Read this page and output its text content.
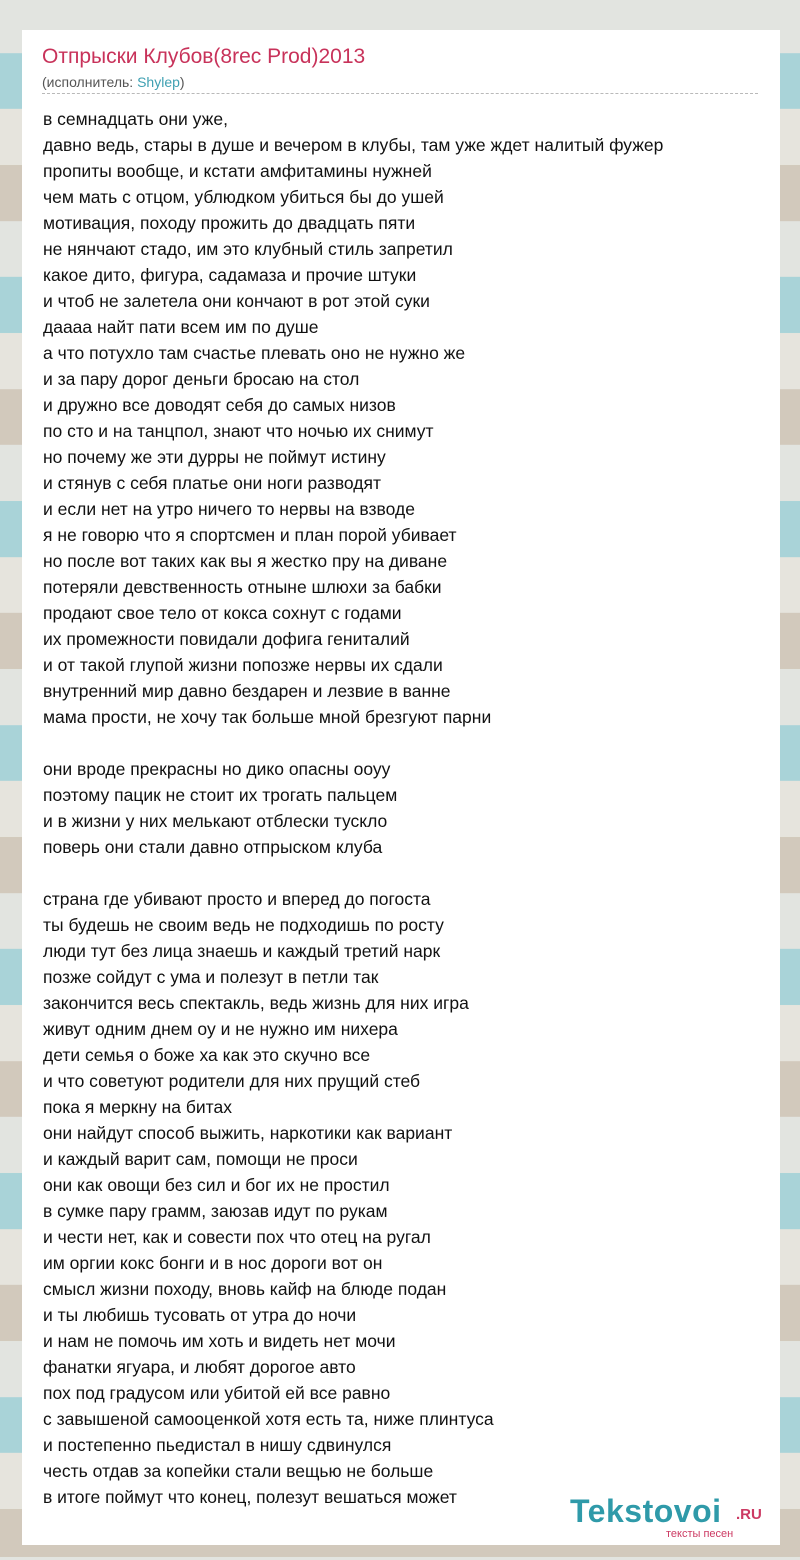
Отпрыски Клубов(8rec Prod)2013
(исполнитель: Shylep)
в семнадцать они уже,
давно ведь, стары в душе и вечером в клубы, там уже ждет налитый фужер
пропиты вообще, и кстати амфитамины нужней
чем мать с отцом, ублюдком убиться бы до ушей
мотивация, походу прожить до двадцать пяти
не нянчают стадо, им это клубный стиль запретил
какое дито, фигура, садамаза и прочие штуки
и чтоб не залетела они кончают в рот этой суки
даааа найт пати всем им по душе
а что потухло там счастье плевать оно не нужно же
и за пару дорог деньги бросаю на стол
и дружно все доводят себя до самых низов
по сто и на танцпол, знают что ночью их снимут
но почему же эти дурры не поймут истину
и стянув с себя платье они ноги разводят
и если нет на утро ничего то нервы на взводе
я не говорю что я спортсмен и план порой убивает
но после вот таких как вы я жестко пру на диване
потеряли девственность отныне шлюхи за бабки
продают свое тело от кокса сохнут с годами
их промежности повидали дофига гениталий
и от такой глупой жизни попозже нервы их сдали
внутренний мир давно бездарен и лезвие в ванне
мама прости, не хочу так больше мной брезгуют парни
они вроде прекрасны но дико опасны ооуу
поэтому пацик не стоит их трогать пальцем
и в жизни у них мелькают отблески тускло
поверь они стали давно отпрыском клуба
страна где убивают просто и вперед до погоста
ты будешь не своим ведь не подходишь по росту
люди тут без лица знаешь и каждый третий нарк
позже сойдут с ума и полезут в петли так
закончится весь спектакль, ведь жизнь для них игра
живут одним днем оу и не нужно им нихера
дети семья о боже ха как это скучно все
и что советуют родители для них прущий стеб
пока я меркну на битах
они найдут способ выжить, наркотики как вариант
и каждый варит сам, помощи не проси
они как овощи без сил и бог их не простил
в сумке пару грамм, заюзав идут по рукам
и чести нет, как и совести пох что отец на ругал
им оргии кокс бонги и в нос дороги вот он
смысл жизни походу, вновь кайф на блюде подан
и ты любишь тусовать от утра до ночи
и нам не помочь им хоть и видеть нет мочи
фанатки ягуара, и любят дорогое авто
пох под градусом или убитой ей все равно
с завышеной самооценкой хотя есть та, ниже плинтуса
и постепенно пьедистал в нишу сдвинулся
честь отдав за копейки стали вещью не больше
в итоге поймут что конец, полезут вешаться может	Tekstovoi .RU
тексты песен
